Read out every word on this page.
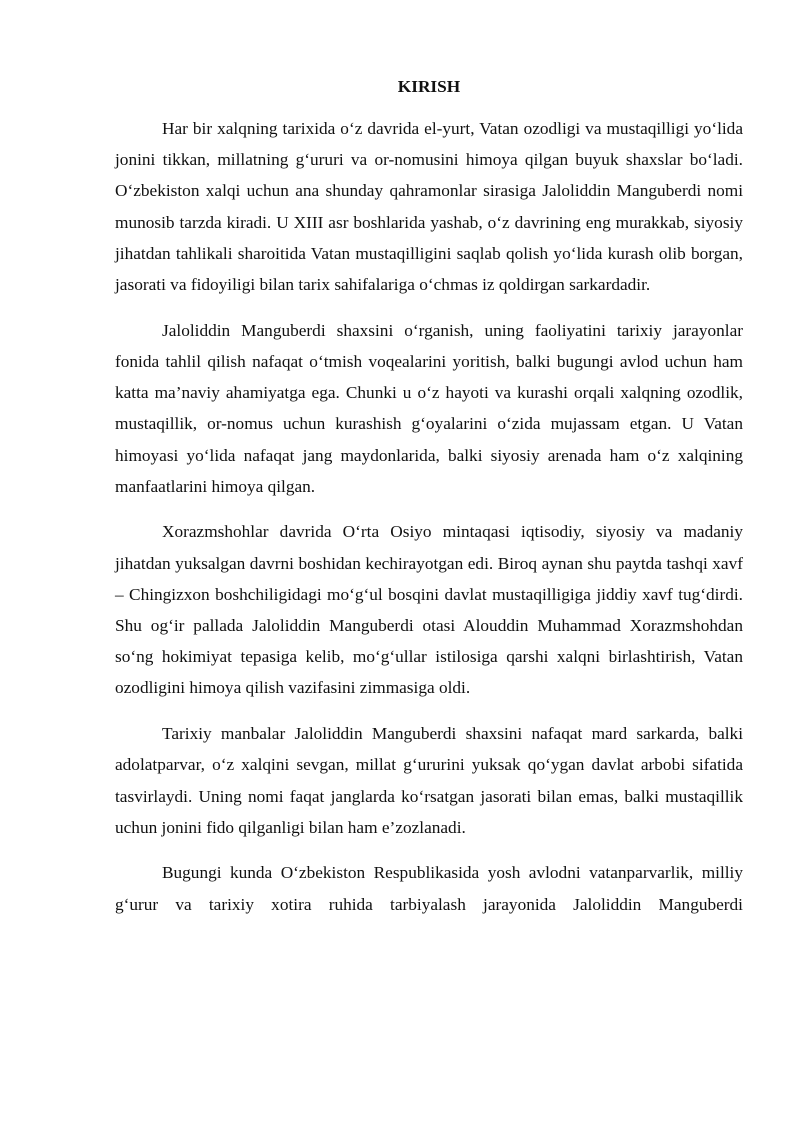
KIRISH

Har bir xalqning tarixida o‘z davrida el-yurt, Vatan ozodligi va mustaqilligi yo‘lida jonini tikkan, millatning g‘ururi va or-nomusini himoya qilgan buyuk shaxslar bo‘ladi. O‘zbekiston xalqi uchun ana shunday qahramonlar sirasiga Jaloliddin Manguberdi nomi munosib tarzda kiradi. U XIII asr boshlarida yashab, o‘z davrining eng murakkab, siyosiy jihatdan tahlikali sharoitida Vatan mustaqilligini saqlab qolish yo‘lida kurash olib borgan, jasorati va fidoyiligi bilan tarix sahifalariga o‘chmas iz qoldirgan sarkardadir.

Jaloliddin Manguberdi shaxsini o‘rganish, uning faoliyatini tarixiy jarayonlar fonida tahlil qilish nafaqat o‘tmish voqealarini yoritish, balki bugungi avlod uchun ham katta ma’naviy ahamiyatga ega. Chunki u o‘z hayoti va kurashi orqali xalqning ozodlik, mustaqillik, or-nomus uchun kurashish g‘oyalarini o‘zida mujassam etgan. U Vatan himoyasi yo‘lida nafaqat jang maydonlarida, balki siyosiy arenada ham o‘z xalqining manfaatlarini himoya qilgan.

Xorazmshohlar davrida O‘rta Osiyo mintaqasi iqtisodiy, siyosiy va madaniy jihatdan yuksalgan davrni boshidan kechirayotgan edi. Biroq aynan shu paytda tashqi xavf – Chingizxon boshchiligidagi mo‘g‘ul bosqini davlat mustaqilligiga jiddiy xavf tug‘dirdi. Shu og‘ir pallada Jaloliddin Manguberdi otasi Alouddin Muhammad Xorazmshohdan so‘ng hokimiyat tepasiga kelib, mo‘g‘ullar istilosiga qarshi xalqni birlashtirish, Vatan ozodligini himoya qilish vazifasini zimmasiga oldi.

Tarixiy manbalar Jaloliddin Manguberdi shaxsini nafaqat mard sarkarda, balki adolatparvar, o‘z xalqini sevgan, millat g‘ururini yuksak qo‘ygan davlat arbobi sifatida tasvirlaydi. Uning nomi faqat janglarda ko‘rsatgan jasorati bilan emas, balki mustaqillik uchun jonini fido qilganligi bilan ham e’zozlanadi.

Bugungi kunda O‘zbekiston Respublikasida yosh avlodni vatanparvarlik, milliy g‘urur va tarixiy xotira ruhida tarbiyalash jarayonida Jaloliddin Manguberdi
